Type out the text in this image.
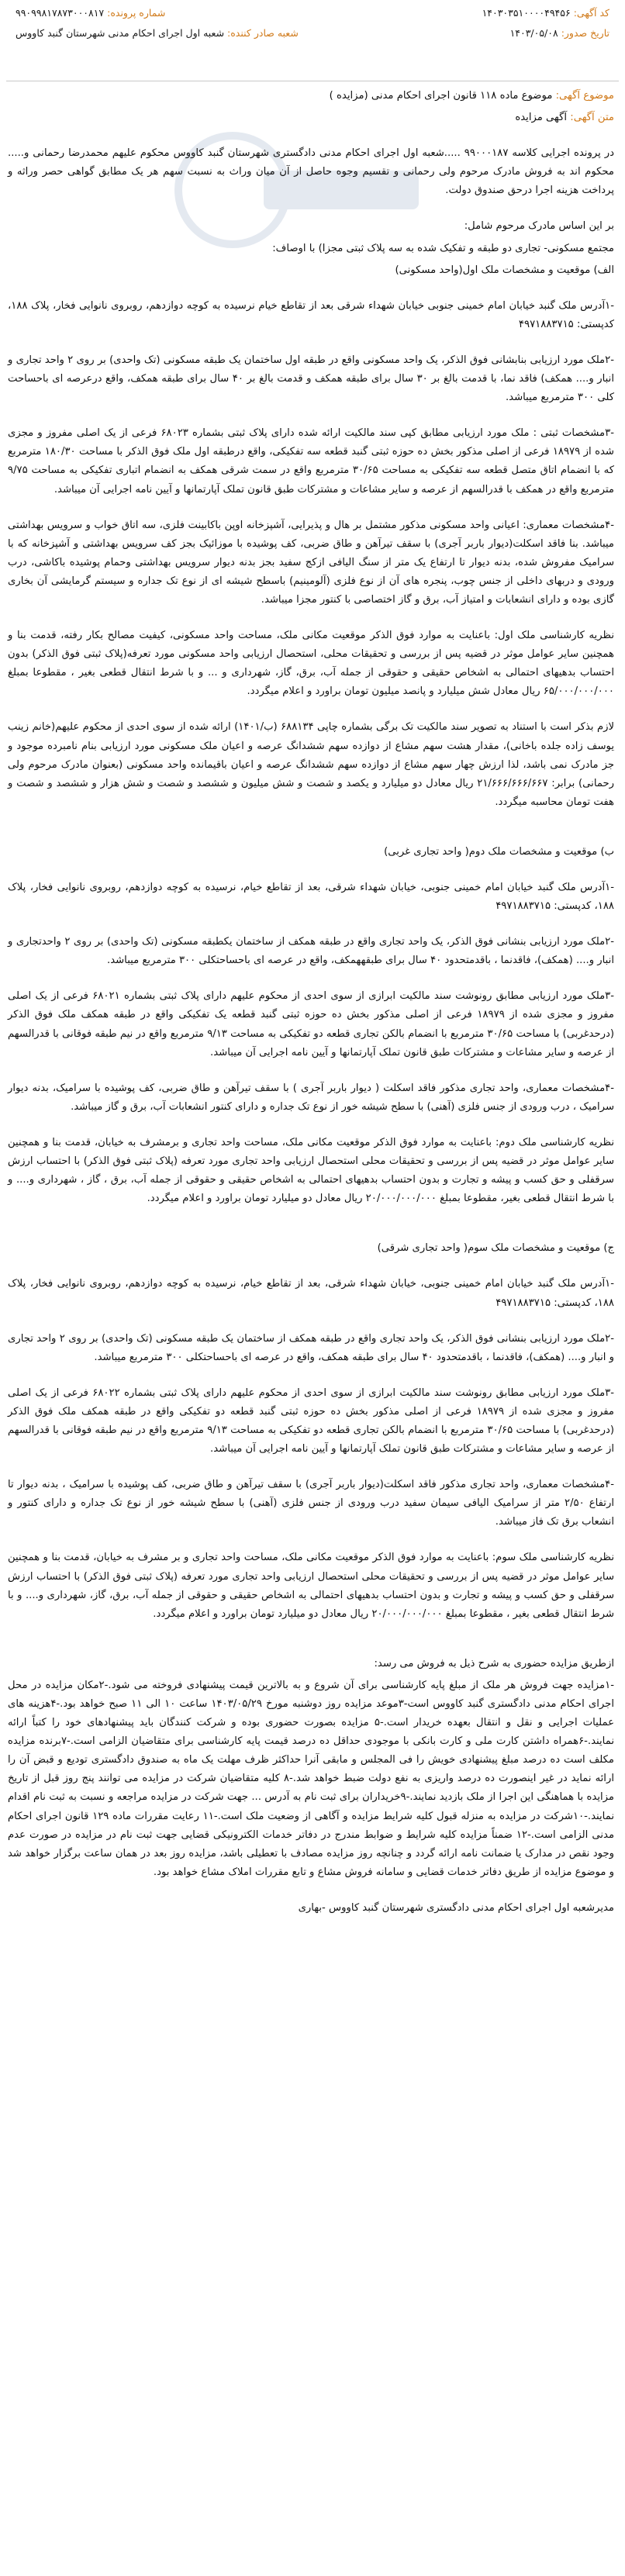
کد آگهی: ۱۴۰۳۰۳۵۱۰۰۰۰۴۹۴۵۶
تاریخ صدور: ۱۴۰۳/۰۵/۰۸
شماره پرونده: ۹۹۰۹۹۸۱۷۸۷۳۰۰۰۸۱۷
شعبه صادر کننده: شعبه اول اجرای احکام مدنی شهرستان گنبد کاووس

موضوع آگهی: موضوع ماده ۱۱۸ قانون اجرای احکام مدنی (مزایده )

متن آگهی: آگهی مزایده

در پرونده اجرایی کلاسه ۹۹۰۰۰۱۸۷ .....شعبه اول اجرای احکام مدنی دادگستری شهرستان گنبد کاووس محکوم علیهم محمدرضا رحمانی و..... محکوم اند به فروش مادرک مرحوم ولی رحمانی و تقسیم وجوه حاصل از آن میان وراث به نسبت سهم هر یک مطابق گواهی حصر وراثه و پرداخت هزینه اجرا درحق صندوق دولت.

بر این اساس مادرک مرحوم شامل:

مجتمع مسکونی- تجاری دو طبقه و تفکیک شده به سه پلاک ثبتی مجزا) با اوصاف:

الف) موقعیت و مشخصات ملک اول(واحد مسکونی)

-۱آدرس ملک گنبد خیابان امام خمینی جنوبی خیابان شهداء شرقی بعد از تقاطع خیام نرسیده به کوچه دوازدهم، روبروی نانوایی فخار، پلاک ۱۸۸، کدپستی: ۴۹۷۱۸۸۳۷۱۵

-۲ملک مورد ارزیابی بنابشانی فوق الذکر، یک واحد مسکونی واقع در طبقه اول ساختمان یک طبقه مسکونی (تک واحدی) بر روی ۲ واحد تجاری و انبار و.... همکف) فاقد نما، با قدمت بالغ بر ۳۰ سال برای طبقه همکف و قدمت بالغ بر ۴۰ سال برای طبقه همکف، واقع درعرصه ای باحساحت کلی ۳۰۰ مترمربع میباشد.

-۳مشخصات ثبتی : ملک مورد ارزیابی مطابق کپی سند مالکیت ارائه شده دارای پلاک ثبتی بشماره ۶۸۰۲۳ فرعی از یک اصلی مفروز و مجزی شده از ۱۸۹۷۹ فرعی از اصلی مذکور بخش ده حوزه ثبتی گنبد قطعه سه تفکیکی، واقع درطبقه اول ملک فوق الذکر با مساحت ۱۸۰/۳۰ مترمربع که با انضمام اتاق متصل قطعه سه تفکیکی به مساحت ۳۰/۶۵ مترمربع واقع در سمت شرقی همکف به انضمام اتباری تفکیکی به مساحت ۹/۷۵ مترمربع واقع در همکف با قدرالسهم از عرصه و سایر مشاعات و مشترکات طبق قانون تملک آپارتمانها و آیین نامه اجرایی آن میباشد.

-۴مشخصات معماری: اعیانی واحد مسکونی مذکور مشتمل بر هال و پذیرایی، آشپزخانه اوپن باکابینت فلزی، سه اتاق خواب و سرویس بهداشتی میباشد. بنا فاقد اسکلت(دیوار باربر آجری) با سقف تیرآهن و طاق ضربی، کف پوشیده با موزائیک بجز کف سرویس بهداشتی و آشپزخانه که با سرامیک مفروش شده، بدنه دیوار تا ارتفاع یک متر از سنگ الیافی ازکج سفید بجز بدنه دیوار سرویس بهداشتی وحمام پوشیده باکاشی، درب ورودی و دربهای داخلی از جنس چوب، پنجره های آن از نوع فلزی (آلومینیم) باسطح شیشه ای از نوع تک جداره و سیستم گرمایشی آن بخاری گازی بوده و دارای انشعابات و امتیاز آب، برق و گاز اختصاصی با کنتور مجزا میباشد.

نظریه کارشناسی ملک اول: باعنایت به موارد فوق الذکر موقعیت مکانی ملک، مساحت واحد مسکونی، کیفیت مصالح بکار رفته، قدمت بنا و همچنین سایر عوامل موثر در قضیه پس از بررسی و تحقیقات محلی، استحصال ارزیابی واحد مسکونی مورد تعرفه(پلاک ثبتی فوق الذکر) بدون احتساب بدهیهای احتمالی به اشخاص حقیقی و حقوقی از جمله آب، برق، گاز، شهرداری و ... و با شرط انتقال قطعی بغیر ، مقطوعا بمبلغ ۶۵/۰۰۰/۰۰۰/۰۰۰ ریال معادل شش میلیارد و پانصد میلیون تومان براورد و اعلام میگردد.

لازم بذکر است با استناد به تصویر سند مالکیت تک برگی بشماره چاپی ۶۸۸۱۳۴ (ب/۱۴۰۱) ارائه شده از سوی احدی از محکوم علیهم(خانم زینب یوسف زاده جلده باخانی)، مقدار هشت سهم مشاع از دوازده سهم ششدانگ عرصه و اعیان ملک مسکونی مورد ارزیابی بنام نامبرده موجود و جز مادرک نمی باشد، لذا ارزش چهار سهم مشاع از دوازده سهم ششدانگ عرصه و اعیان باقیمانده واحد مسکونی (بعنوان مادرک مرحوم ولی رحمانی) برابر: ۲۱/۶۶۶/۶۶۶/۶۶۷ ریال معادل دو میلیارد و یکصد و شصت و شش میلیون و ششصد و شصت و شش هزار و ششصد و شصت و هفت تومان محاسبه میگردد.

ب) موقعیت و مشخصات ملک دوم( واحد تجاری غربی)

-۱آدرس ملک گنبد خیابان امام خمینی جنوبی، خیابان شهداء شرقی، بعد از تقاطع خیام، نرسیده به کوچه دوازدهم، روبروی نانوایی فخار، پلاک ۱۸۸، کدپستی: ۴۹۷۱۸۸۳۷۱۵

-۲ملک مورد ارزیابی بنشانی فوق الذکر، یک واحد تجاری واقع در طبقه همکف از ساختمان یکطبقه مسکونی (تک واحدی) بر روی ۲ واحدتجاری و انبار و.... (همکف)، فاقدنما ، باقدمتحدود ۴۰ سال برای طبقههمکف، واقع در عرصه ای باحساحتکلی ۳۰۰ مترمربع میباشد.

-۳ملک مورد ارزیابی مطابق رونوشت سند مالکیت ابرازی از سوی احدی از محکوم علیهم دارای پلاک ثبتی بشماره ۶۸۰۲۱ فرعی از یک اصلی مفروز و مجزی شده از ۱۸۹۷۹ فرعی از اصلی مذکور بخش ده حوزه ثبتی گنبد قطعه یک تفکیکی واقع در طبقه همکف ملک فوق الذکر (درحدغربی) با مساحت ۳۰/۶۵ مترمربع با انضمام بالکن تجاری قطعه دو تفکیکی به مساحت ۹/۱۳ مترمربع واقع در نیم طبقه فوقانی با قدرالسهم از عرصه و سایر مشاعات و مشترکات طبق قانون تملک آپارتمانها و آیین نامه اجرایی آن میباشد.

-۴مشخصات معماری، واحد تجاری مذکور فاقد اسکلت ( دیوار باربر آجری ) با سقف تیرآهن و طاق ضربی، کف پوشیده با سرامیک، بدنه دیوار سرامیک ، درب ورودی از جنس فلزی (آهنی) با سطح شیشه خور از نوع تک جداره و دارای کنتور انشعابات آب، برق و گاز میباشد.

نظریه کارشناسی ملک دوم: باعنایت به موارد فوق الذکر موقعیت مکانی ملک، مساحت واحد تجاری و برمشرف به خیابان، قدمت بنا و همچنین سایر عوامل موثر در قضیه پس از بررسی و تحقیقات محلی استحصال ارزیابی واحد تجاری مورد تعرفه (پلاک ثبتی فوق الذکر) با احتساب ارزش سرقفلی و حق کسب و پیشه و تجارت و بدون احتساب بدهیهای احتمالی به اشخاص حقیقی و حقوقی از جمله آب، برق ، گاز ، شهرداری و.... و با شرط انتقال قطعی بغیر، مقطوعا بمبلغ ۲۰/۰۰۰/۰۰۰/۰۰۰ ریال معادل دو میلیارد تومان براورد و اعلام میگردد.

ج) موقعیت و مشخصات ملک سوم( واحد تجاری شرقی)

-۱آدرس ملک گنبد خیابان امام خمینی جنوبی، خیابان شهداء شرقی، بعد از تقاطع خیام، نرسیده به کوچه دوازدهم، روبروی نانوایی فخار، پلاک ۱۸۸، کدپستی: ۴۹۷۱۸۸۳۷۱۵

-۲ملک مورد ارزیابی بنشانی فوق الذکر، یک واحد تجاری واقع در طبقه همکف از ساختمان یک طبقه مسکونی (تک واحدی) بر روی ۲ واحد تجاری و انبار و.... (همکف)، فاقدنما ، باقدمتحدود ۴۰ سال برای طبقه همکف، واقع در عرصه ای باحساحتکلی ۳۰۰ مترمربع میباشد.

-۳ملک مورد ارزیابی مطابق رونوشت سند مالکیت ابرازی از سوی احدی از محکوم علیهم دارای پلاک ثبتی بشماره ۶۸۰۲۲ فرعی از یک اصلی مفروز و مجزی شده از ۱۸۹۷۹ فرعی از اصلی مذکور بخش ده حوزه ثبتی گنبد قطعه دو تفکیکی واقع در طبقه همکف ملک فوق الذکر (درحدغربی) با مساحت ۳۰/۶۵ مترمربع با انضمام بالکن تجاری قطعه دو تفکیکی به مساحت ۹/۱۳ مترمربع واقع در نیم طبقه فوقانی با قدرالسهم از عرصه و سایر مشاعات و مشترکات طبق قانون تملک آپارتمانها و آیین نامه اجرایی آن میباشد.

-۴مشخصات معماری، واحد تجاری مذکور فاقد اسکلت(دیوار باربر آجری) با سقف تیرآهن و طاق ضربی، کف پوشیده با سرامیک ، بدنه دیوار تا ارتفاع ۲/۵۰ متر از سرامیک الیافی سیمان سفید درب ورودی از جنس فلزی (آهنی) با سطح شیشه خور از نوع تک جداره و دارای کنتور و انشعاب برق تک فاز میباشد.

نظریه کارشناسی ملک سوم: باعنایت به موارد فوق الذکر موقعیت مکانی ملک، مساحت واحد تجاری و بر مشرف به خیابان، قدمت بنا و همچنین سایر عوامل موثر در قضیه پس از بررسی و تحقیقات محلی استحصال ارزیابی واحد تجاری مورد تعرفه (پلاک ثبتی فوق الذکر) با احتساب ارزش سرقفلی و حق کسب و پیشه و تجارت و بدون احتساب بدهیهای احتمالی به اشخاص حقیقی و حقوقی از جمله آب، برق، گاز، شهرداری و.... و با شرط انتقال قطعی بغیر ، مقطوعا بمبلغ ۲۰/۰۰۰/۰۰۰/۰۰۰ ریال معادل دو میلیارد تومان براورد و اعلام میگردد.

ازطریق مزایده حضوری به شرح ذیل به فروش می رسد:

-۱مزایده جهت فروش هر ملک از مبلغ پایه کارشناسی برای آن شروع و به بالاترین قیمت پیشنهادی فروخته می شود.-۲مکان مزایده در محل اجرای احکام مدنی دادگستری گنبد کاووس است-۳موعد مزایده روز دوشنبه مورخ ۱۴۰۳/۰۵/۲۹ ساعت ۱۰ الی ۱۱ صبح خواهد بود.-۴هزینه های عملیات اجرایی و نقل و انتقال بعهده خریدار است.-۵ مزایده بصورت حضوری بوده و شرکت کنندگان باید پیشنهادهای خود را کتباً ارائه نمایند.-۶همراه داشتن کارت ملی و کارت بانکی با موجودی حداقل ده درصد قیمت پایه کارشناسی برای متقاضیان الزامی است.-۷برنده مزایده مکلف است ده درصد مبلغ پیشنهادی خویش را فی المجلس و مابقی آنرا حداکثر ظرف مهلت یک ماه به صندوق دادگستری تودیع و قبض آن را ارائه نماید در غیر اینصورت ده درصد واریزی به نفع دولت ضبط خواهد شد.-۸ کلیه متقاضیان شرکت در مزایده می توانند پنج روز قبل از تاریخ مزایده با هماهنگی این اجرا از ملک بازدید نمایند.-۹خریداران برای ثبت نام به آدرس ... جهت شرکت در مزایده مراجعه و نسبت به ثبت نام اقدام نمایند.-۱۰شرکت در مزایده به منزله قبول کلیه شرایط مزایده و آگاهی از وضعیت ملک است.-۱۱ رعایت مقررات ماده ۱۲۹ قانون اجرای احکام مدنی الزامی است.-۱۲ ضمناً مزایده کلیه شرایط و ضوابط مندرج در دفاتر خدمات الکترونیکی قضایی جهت ثبت نام در مزایده در صورت عدم وجود نقص در مدارک یا ضمانت نامه ارائه گردد و چنانچه روز مزایده مصادف با تعطیلی باشد، مزایده روز بعد در همان ساعت برگزار خواهد شد و موضوع مزایده از طریق دفاتر خدمات قضایی و سامانه فروش مشاع و تابع مقررات املاک مشاع خواهد بود.

مدیرشعبه اول اجرای احکام مدنی دادگستری شهرستان گنبد کاووس -بهاری
